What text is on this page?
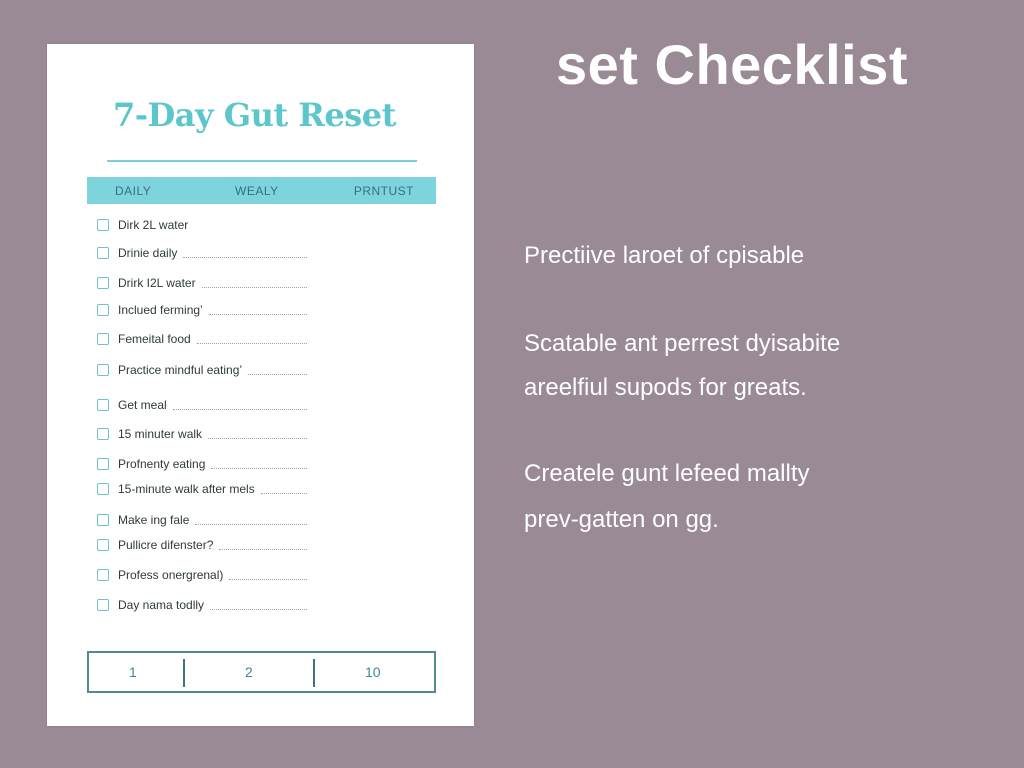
7-Day Gut Reset
DAILY	WEALY	PRNTUST
Dirk 2L water
Drinie daily
Drirk I2L water
Inclued ferming’
Femeital food
Practice mindful eating’
Get meal
15 minuter walk
Profnenty eating
15-minute walk after mels
Make ing fale
Pullicre difenster?
Profess onergrenal)
Day nama todlly
1	2	10
set Checklist

Prectiive laroet of cpisable

Scatable ant perrest dyisabite

areelfiul supods for greats.

Createle gunt lefeed mallty

prev-gatten on gg.
